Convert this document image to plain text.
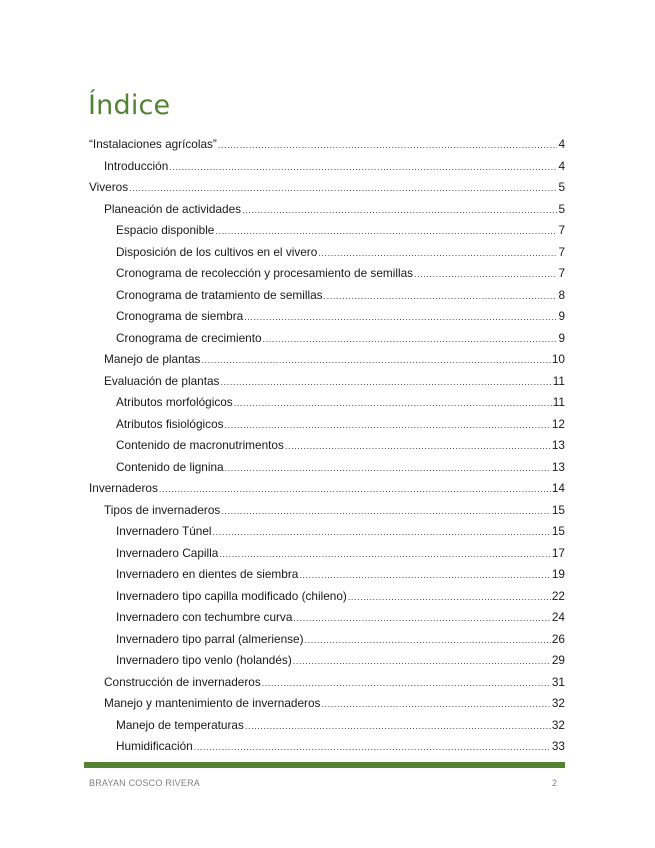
Índice
“Instalaciones agrícolas” .....	4
Introducción .....	4
Viveros .....	5
Planeación de actividades .....	5
Espacio disponible .....	7
Disposición de los cultivos en el vivero .....	7
Cronograma de recolección y procesamiento de semillas .....	7
Cronograma de tratamiento de semillas .....	8
Cronograma de siembra .....	9
Cronograma de crecimiento .....	9
Manejo de plantas .....	10
Evaluación de plantas .....	11
Atributos morfológicos .....	11
Atributos fisiológicos .....	12
Contenido de macronutrimentos .....	13
Contenido de lignina .....	13
Invernaderos .....	14
Tipos de invernaderos .....	15
Invernadero Túnel .....	15
Invernadero Capilla .....	17
Invernadero en dientes de siembra .....	19
Invernadero tipo capilla modificado (chileno) .....	22
Invernadero con techumbre curva .....	24
Invernadero tipo parral (almeriense) .....	26
Invernadero tipo venlo (holandés) .....	29
Construcción de invernaderos .....	31
Manejo y mantenimiento de invernaderos .....	32
Manejo de temperaturas .....	32
Humidificación .....	33
BRAYAN COSCO RIVERA	2
